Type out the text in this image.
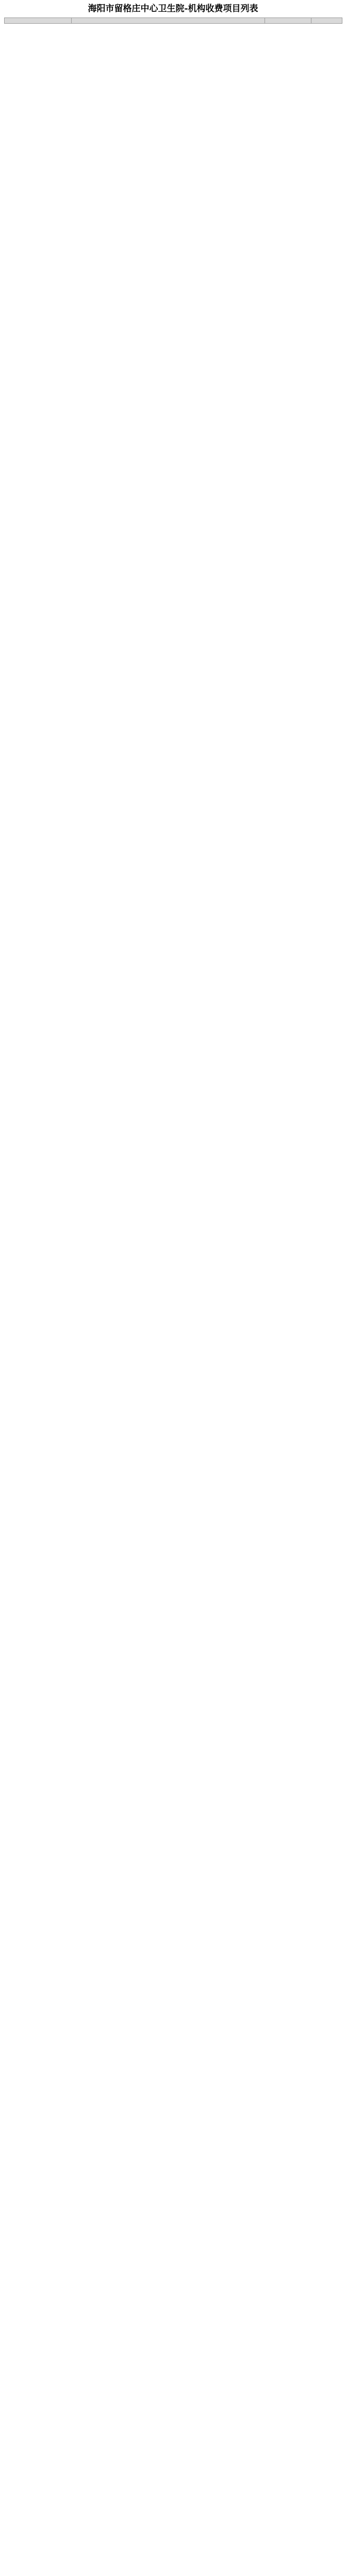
海阳市留格庄中心卫生院-机构收费项目列表
